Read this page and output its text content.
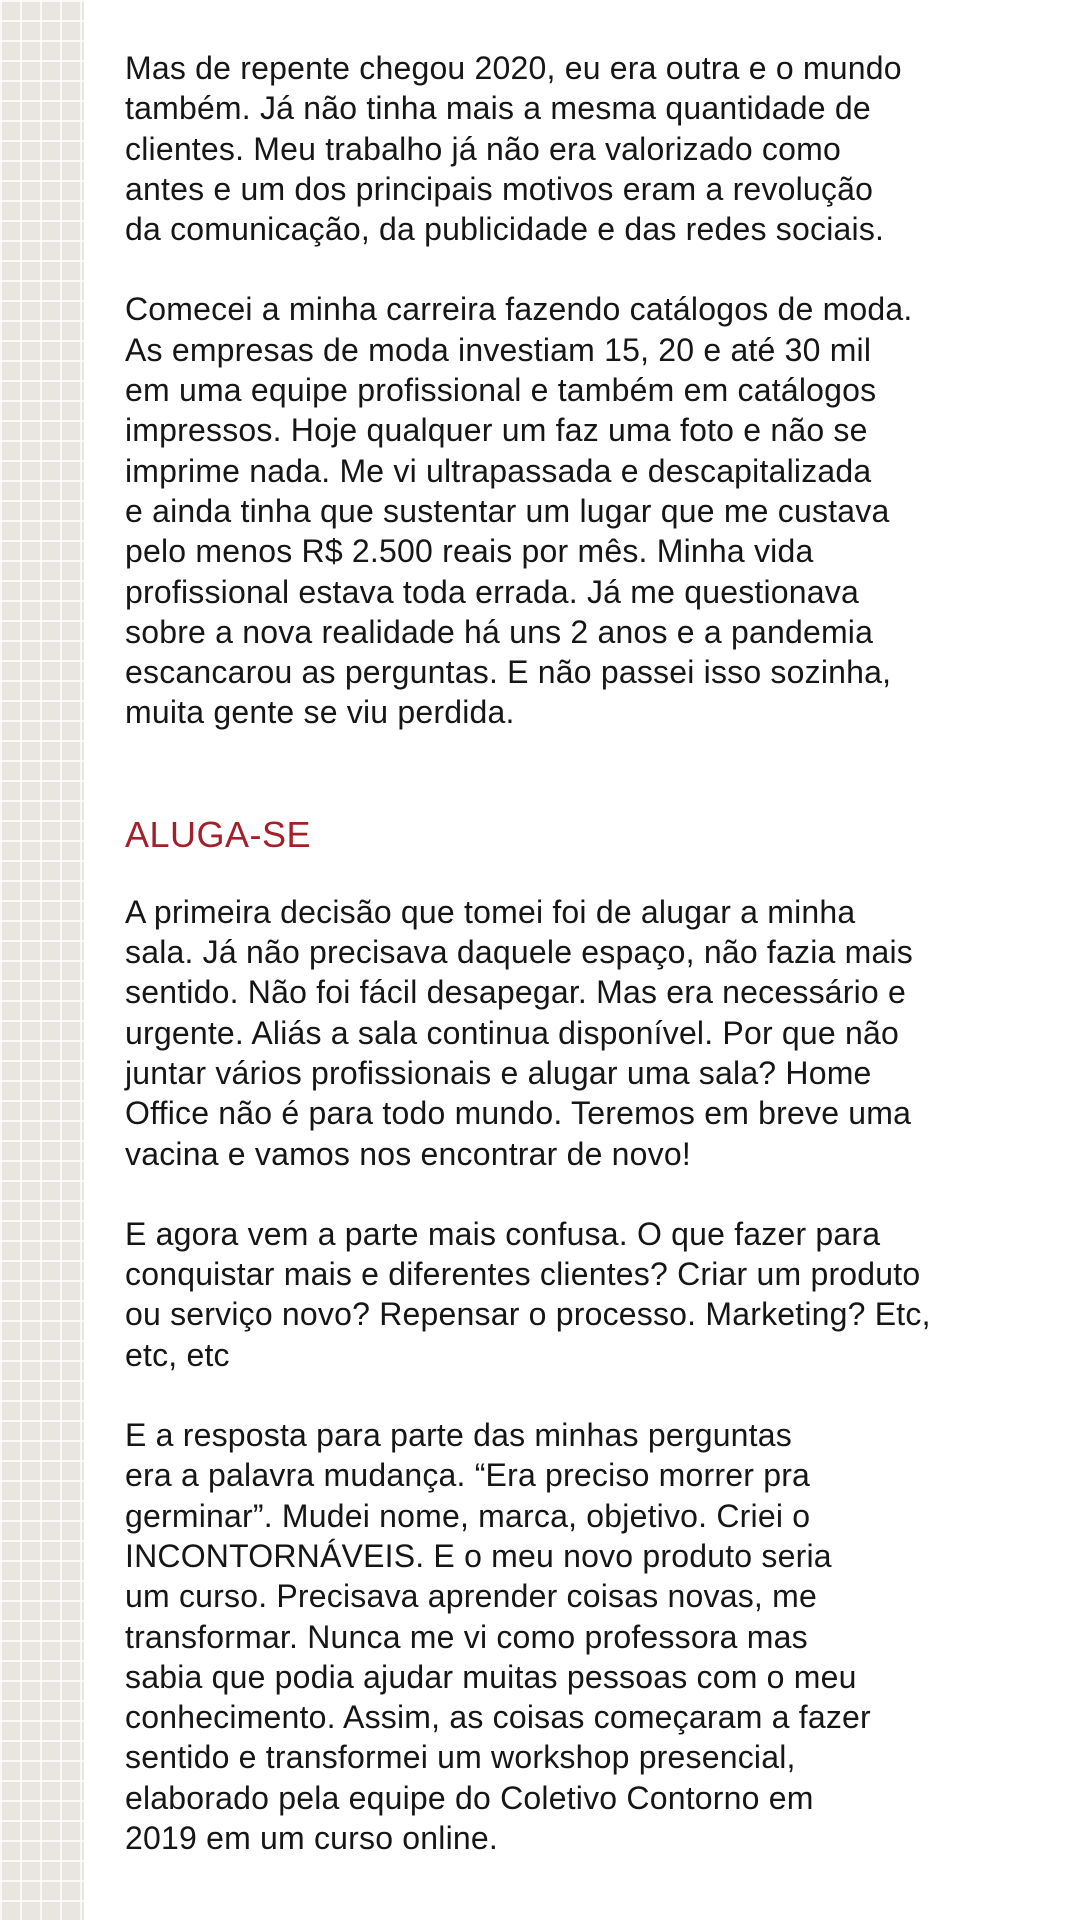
Mas de repente chegou 2020, eu era outra e o mundo
também. Já não tinha mais a mesma quantidade de
clientes. Meu trabalho já não era valorizado como
antes e um dos principais motivos eram a revolução
da comunicação, da publicidade e das redes sociais.

Comecei a minha carreira fazendo catálogos de moda.
As empresas de moda investiam 15, 20 e até 30 mil
em uma equipe profissional e também em catálogos
impressos. Hoje qualquer um faz uma foto e não se
imprime nada. Me vi ultrapassada e descapitalizada
e ainda tinha que sustentar um lugar que me custava
pelo menos R$ 2.500 reais por mês. Minha vida
profissional estava toda errada. Já me questionava
sobre a nova realidade há uns 2 anos e a pandemia
escancarou as perguntas. E não passei isso sozinha,
muita gente se viu perdida.

ALUGA-SE

A primeira decisão que tomei foi de alugar a minha
sala. Já não precisava daquele espaço, não fazia mais
sentido. Não foi fácil desapegar. Mas era necessário e
urgente. Aliás a sala continua disponível. Por que não
juntar vários profissionais e alugar uma sala? Home
Office não é para todo mundo. Teremos em breve uma
vacina e vamos nos encontrar de novo!

E agora vem a parte mais confusa. O que fazer para
conquistar mais e diferentes clientes? Criar um produto
ou serviço novo? Repensar o processo. Marketing? Etc,
etc, etc

E a resposta para parte das minhas perguntas
era a palavra mudança. “Era preciso morrer pra
germinar”. Mudei nome, marca, objetivo. Criei o
INCONTORNÁVEIS. E o meu novo produto seria
um curso. Precisava aprender coisas novas, me
transformar. Nunca me vi como professora mas
sabia que podia ajudar muitas pessoas com o meu
conhecimento. Assim, as coisas começaram a fazer
sentido e transformei um workshop presencial,
elaborado pela equipe do Coletivo Contorno em
2019 em um curso online.
